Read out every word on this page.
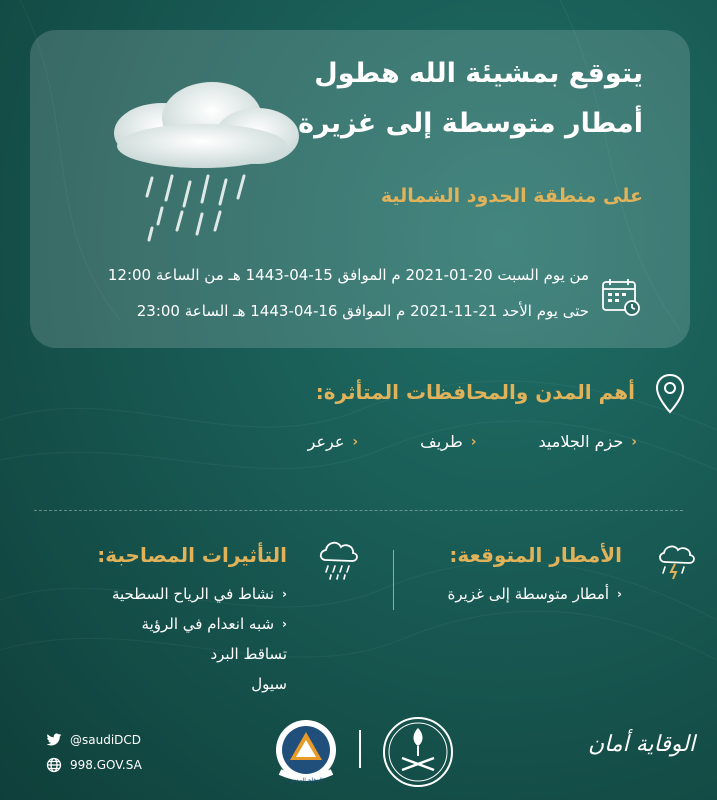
يتوقع بمشيئة الله هطول
أمطار متوسطة إلى غزيرة
على منطقة الحدود الشمالية
من يوم السبت 20-01-2021 م الموافق 15-04-1443 هـ من الساعة 12:00
حتى يوم الأحد 21-11-2021 م الموافق 16-04-1443 هـ الساعة 23:00
أهم المدن والمحافظات المتأثرة:
‹
حزم الجلاميد
‹
طريف
‹
عرعر
الأمطار المتوقعة:
‹
أمطار متوسطة إلى غزيرة
التأثيرات المصاحبة:
‹
نشاط في الرياح السطحية
‹
شبه انعدام في الرؤية
تساقط البرد
سيول
@saudiDCD
998.GOV.SA
الدفاع المدني
الوقاية أمان
